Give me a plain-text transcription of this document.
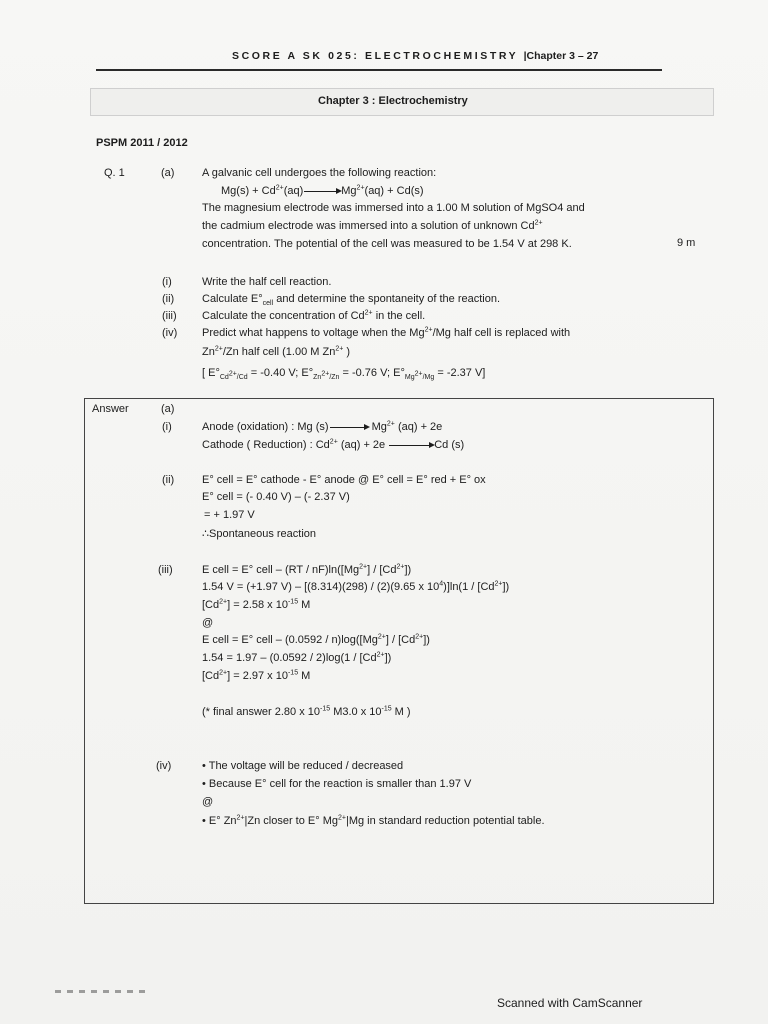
SCORE A SK 025: ELECTROCHEMISTRY |Chapter 3 – 27
Chapter 3 : Electrochemistry
PSPM 2011 / 2012
Q. 1	(a)	A galvanic cell undergoes the following reaction:
$Mg(s) + Cd^{2+}(aq)$	$Mg^{2+}(aq) + Cd(s)$
The magnesium electrode was immersed into a 1.00 M solution of MgSO4 and
the cadmium electrode was immersed into a solution of unknown $Cd^{2+}$
concentration. The potential of the cell was measured to be 1.54 V at 298 K.	9 m
(i)	Write the half cell reaction.
(ii)	Calculate $E^\circ_{cell}$ and determine the spontaneity of the reaction.
(iii) Calculate the concentration of $Cd^{2+}$ in the cell.
(iv) Predict what happens to voltage when the $Mg^{2+}/Mg$ half cell is replaced with
$Zn^{2+}/Zn$ half cell (1.00 M $Zn^{2+}$ )
[ $E^\circ_{Cd^{2+}/Cd} = -0.40$ V; $E^\circ_{Zn^{2+}/Zn} = -0.76$ V; $E^\circ_{Mg^{2+}/Mg} = -2.37$ V]
Answer	(a)
(i)	Anode (oxidation) : Mg (s)	$Mg^{2+}$ (aq) + 2e
Cathode ( Reduction) : $Cd^{2+}$ (aq) + 2e	Cd (s)
(ii)	E° cell = E° cathode - E° anode @ E° cell = E° red + E° ox
E° cell = (- 0.40 V) – (- 2.37 V)
= + 1.97 V
∴Spontaneous reaction
(iii)	E cell = E° cell – $(RT / nF)\ln([Mg^{2+}] / [Cd^{2+}])$
1.54 V = (+1.97 V) – [(8.314)(298) / (2)(9.65 x $10^4)]\ln(1 / [Cd^{2+}])$
$[Cd^{2+}] = 2.58$ x $10^{-15}$ M
@
E cell = E° cell – $(0.0592 / n)\log([Mg^{2+}] / [Cd^{2+}])$
$1.54 = 1.97 - (0.0592 / 2)\log(1 / [Cd^{2+}])$
$[Cd^{2+}] = 2.97$ x $10^{-15}$ M
(* final answer 2.80 x $10^{-15}$ M3.0 x $10^{-15}$ M )
(iv)	• The voltage will be reduced / decreased
• Because E° cell for the reaction is smaller than 1.97 V
@
• E° $Zn^{2+}|Zn$ closer to E° $Mg^{2+}|Mg$ in standard reduction potential table.
Scanned with CamScanner
